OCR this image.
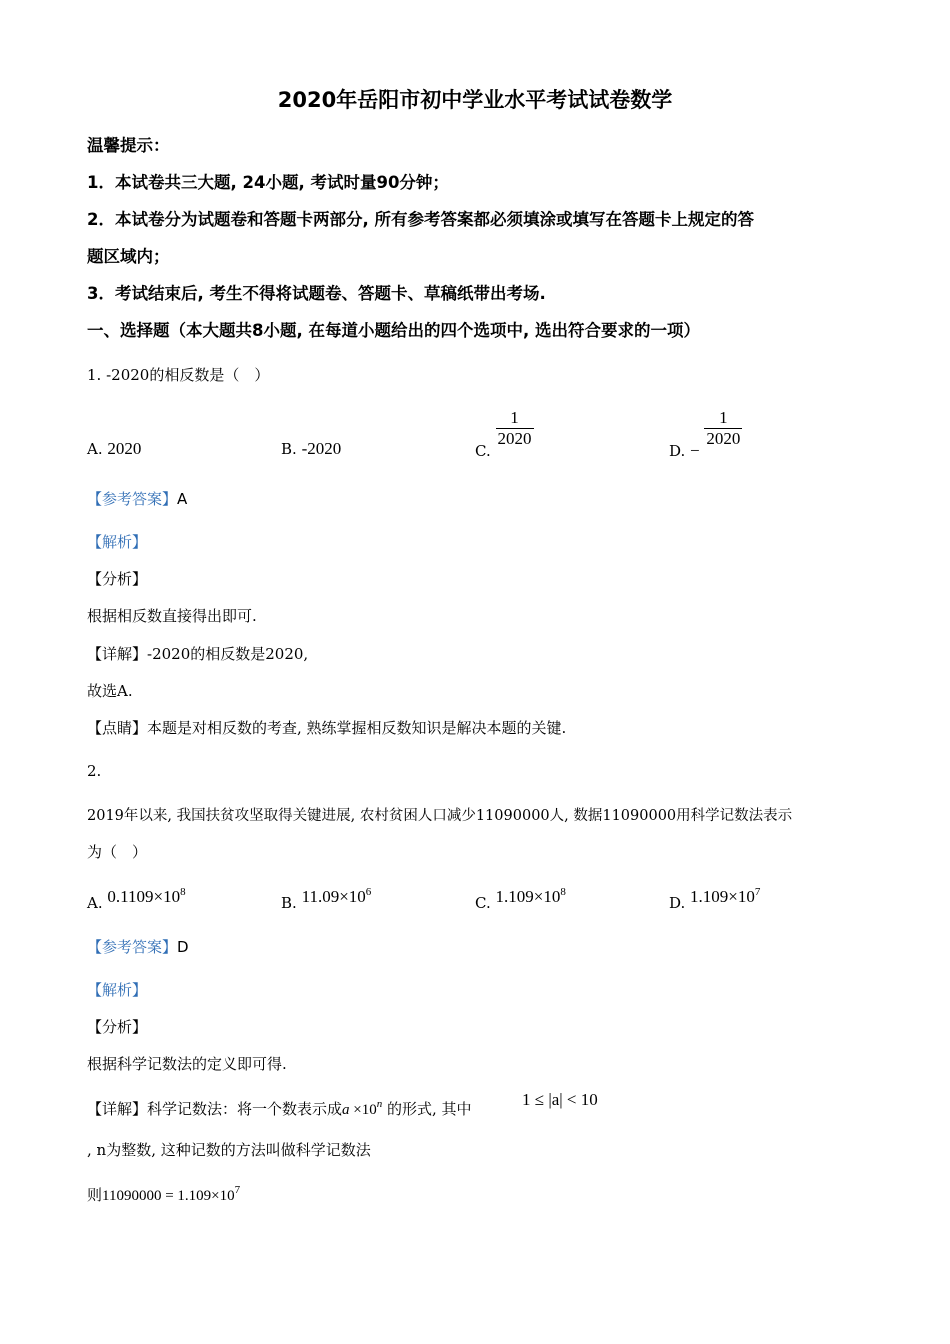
2020年岳阳市初中学业水平考试试卷数学
温馨提示：
1．本试卷共三大题, 24小题, 考试时量90分钟；
2．本试卷分为试题卷和答题卡两部分, 所有参考答案都必须填涂或填写在答题卡上规定的答
题区域内；
3．考试结束后, 考生不得将试题卷、答题卡、草稿纸带出考场.
一、选择题（本大题共8小题, 在每道小题给出的四个选项中, 选出符合要求的一项）
1. -2020的相反数是（　）
A. 2020	B. -2020	C.
$\frac{1}{2020}$
D. −
$\frac{1}{2020}$
【参考答案】A
【解析】
【分析】
根据相反数直接得出即可.
【详解】-2020的相反数是2020,
故选A.
【点睛】本题是对相反数的考查, 熟练掌握相反数知识是解决本题的关键.
2.
2019年以来, 我国扶贫攻坚取得关键进展, 农村贫困人口减少11090000人, 数据11090000用科学记数法表示
为（　）
A. $0.1109\times 10^8$
B. $11.09\times 10^6$
C. $1.109\times 10^8$
D. $1.109\times 10^7$
【参考答案】D
【解析】
【分析】
根据科学记数法的定义即可得.
【详解】科学记数法：将一个数表示成$a \times 10^n$ 的形式, 其中	1 ≤ |a| < 10
, n为整数, 这种记数的方法叫做科学记数法
则$11090000 = 1.109\times 10^7$
